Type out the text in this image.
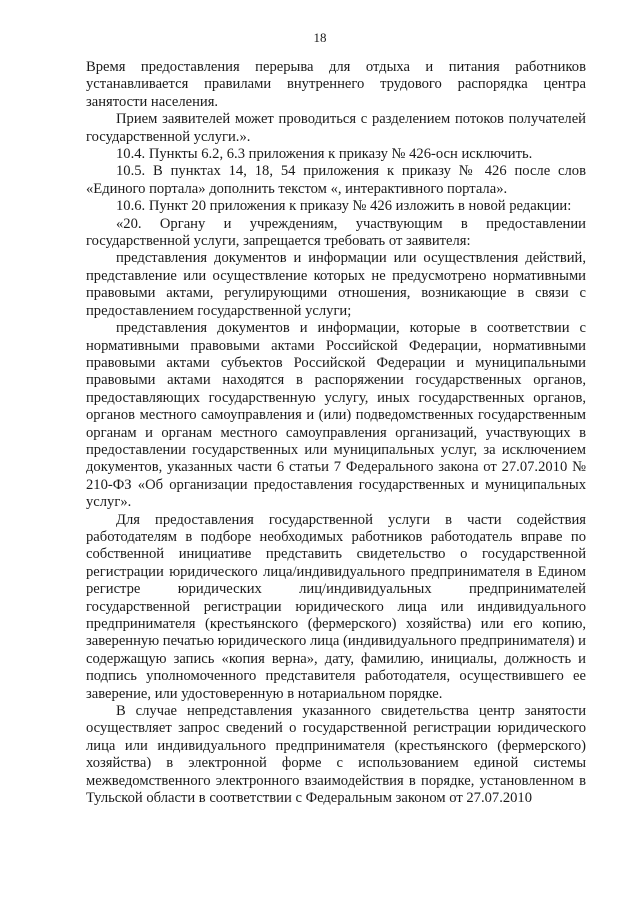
18

Время предоставления перерыва для отдыха и питания работников устанавливается правилами внутреннего трудового распорядка центра занятости населения.

Прием заявителей может проводиться с разделением потоков получателей государственной услуги.».

10.4. Пункты 6.2, 6.3 приложения к приказу № 426-осн исключить.

10.5. В пунктах 14, 18, 54 приложения к приказу № 426 после слов «Единого портала» дополнить текстом «, интерактивного портала».

10.6. Пункт 20 приложения к приказу № 426 изложить в новой редакции:

«20. Органу и учреждениям, участвующим в предоставлении государственной услуги, запрещается требовать от заявителя:

представления документов и информации или осуществления действий, представление или осуществление которых не предусмотрено нормативными правовыми актами, регулирующими отношения, возникающие в связи с предоставлением государственной услуги;

представления документов и информации, которые в соответствии с нормативными правовыми актами Российской Федерации, нормативными правовыми актами субъектов Российской Федерации и муниципальными правовыми актами находятся в распоряжении государственных органов, предоставляющих государственную услугу, иных государственных органов, органов местного самоуправления и (или) подведомственных государственным органам и органам местного самоуправления организаций, участвующих в предоставлении государственных или муниципальных услуг, за исключением документов, указанных части 6 статьи 7 Федерального закона от 27.07.2010 № 210-ФЗ «Об организации предоставления государственных и муниципальных услуг».

Для предоставления государственной услуги в части содействия работодателям в подборе необходимых работников работодатель вправе по собственной инициативе представить свидетельство о государственной регистрации юридического лица/индивидуального предпринимателя в Едином регистре юридических лиц/индивидуальных предпринимателей государственной регистрации юридического лица или индивидуального предпринимателя (крестьянского (фермерского) хозяйства) или его копию, заверенную печатью юридического лица (индивидуального предпринимателя) и содержащую запись «копия верна», дату, фамилию, инициалы, должность и подпись уполномоченного представителя работодателя, осуществившего ее заверение, или удостоверенную в нотариальном порядке.

В случае непредставления указанного свидетельства центр занятости осуществляет запрос сведений о государственной регистрации юридического лица или индивидуального предпринимателя (крестьянского (фермерского) хозяйства) в электронной форме с использованием единой системы межведомственного электронного взаимодействия в порядке, установленном в Тульской области в соответствии с Федеральным законом от 27.07.2010
